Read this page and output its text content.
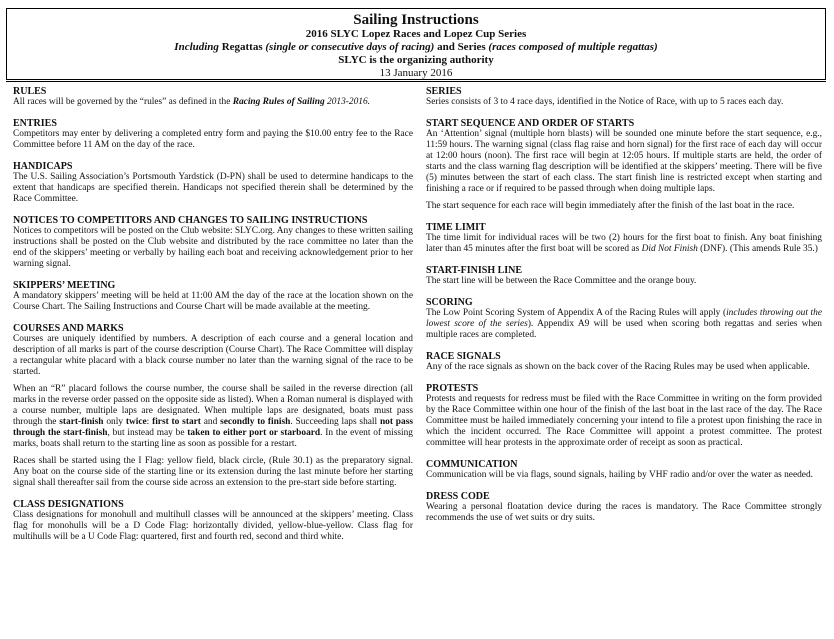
Sailing Instructions
2016 SLYC Lopez Races and Lopez Cup Series
Including Regattas (single or consecutive days of racing) and Series (races composed of multiple regattas)
SLYC is the organizing authority
13 January 2016
RULES
All races will be governed by the “rules” as defined in the Racing Rules of Sailing 2013-2016.
ENTRIES
Competitors may enter by delivering a completed entry form and paying the $10.00 entry fee to the Race Committee before 11 AM on the day of the race.
HANDICAPS
The U.S. Sailing Association’s Portsmouth Yardstick (D-PN) shall be used to determine handicaps to the extent that handicaps are specified therein. Handicaps not specified therein shall be determined by the Race Committee.
NOTICES TO COMPETITORS AND CHANGES TO SAILING INSTRUCTIONS
Notices to competitors will be posted on the Club website: SLYC.org. Any changes to these written sailing instructions shall be posted on the Club website and distributed by the race committee no later than the end of the skippers’ meeting or verbally by hailing each boat and receiving acknowledgement prior to her warning signal.
SKIPPERS’ MEETING
A mandatory skippers’ meeting will be held at 11:00 AM the day of the race at the location shown on the Course Chart. The Sailing Instructions and Course Chart will be made available at the meeting.
COURSES AND MARKS
Courses are uniquely identified by numbers. A description of each course and a general location and description of all marks is part of the course description (Course Chart). The Race Committee will display a rectangular white placard with a black course number no later than the warning signal of the race to be started.
When an “R” placard follows the course number, the course shall be sailed in the reverse direction (all marks in the reverse order passed on the opposite side as listed). When a Roman numeral is displayed with a course number, multiple laps are designated. When multiple laps are designated, boats must pass through the start-finish only twice: first to start and secondly to finish. Succeeding laps shall not pass through the start-finish, but instead may be taken to either port or starboard. In the event of missing marks, boats shall return to the starting line as soon as possible for a restart.
Races shall be started using the I Flag: yellow field, black circle, (Rule 30.1) as the preparatory signal. Any boat on the course side of the starting line or its extension during the last minute before her starting signal shall thereafter sail from the course side across an extension to the pre-start side before starting.
CLASS DESIGNATIONS
Class designations for monohull and multihull classes will be announced at the skippers’ meeting. Class flag for monohulls will be a D Code Flag: horizontally divided, yellow-blue-yellow. Class flag for multihulls will be a U Code Flag: quartered, first and fourth red, second and third white.
SERIES
Series consists of 3 to 4 race days, identified in the Notice of Race, with up to 5 races each day.
START SEQUENCE AND ORDER OF STARTS
An ‘Attention’ signal (multiple horn blasts) will be sounded one minute before the start sequence, e.g., 11:59 hours. The warning signal (class flag raise and horn signal) for the first race of each day will occur at 12:00 hours (noon). The first race will begin at 12:05 hours. If multiple starts are held, the order of starts and the class warning flag description will be identified at the skippers’ meeting. There will be five (5) minutes between the start of each class. The start finish line is restricted except when starting and finishing a race or if required to be passed through when doing multiple laps.
The start sequence for each race will begin immediately after the finish of the last boat in the race.
TIME LIMIT
The time limit for individual races will be two (2) hours for the first boat to finish. Any boat finishing later than 45 minutes after the first boat will be scored as Did Not Finish (DNF). (This amends Rule 35.)
START-FINISH LINE
The start line will be between the Race Committee and the orange bouy.
SCORING
The Low Point Scoring System of Appendix A of the Racing Rules will apply (includes throwing out the lowest score of the series). Appendix A9 will be used when scoring both regattas and series when multiple races are completed.
RACE SIGNALS
Any of the race signals as shown on the back cover of the Racing Rules may be used when applicable.
PROTESTS
Protests and requests for redress must be filed with the Race Committee in writing on the form provided by the Race Committee within one hour of the finish of the last boat in the last race of the day. The Race Committee must be hailed immediately concerning your intend to file a protest upon finishing the race in which the incident occurred. The Race Committee will appoint a protest committee. The protest committee will hear protests in the approximate order of receipt as soon as practical.
COMMUNICATION
Communication will be via flags, sound signals, hailing by VHF radio and/or over the water as needed.
DRESS CODE
Wearing a personal floatation device during the races is mandatory. The Race Committee strongly recommends the use of wet suits or dry suits.
